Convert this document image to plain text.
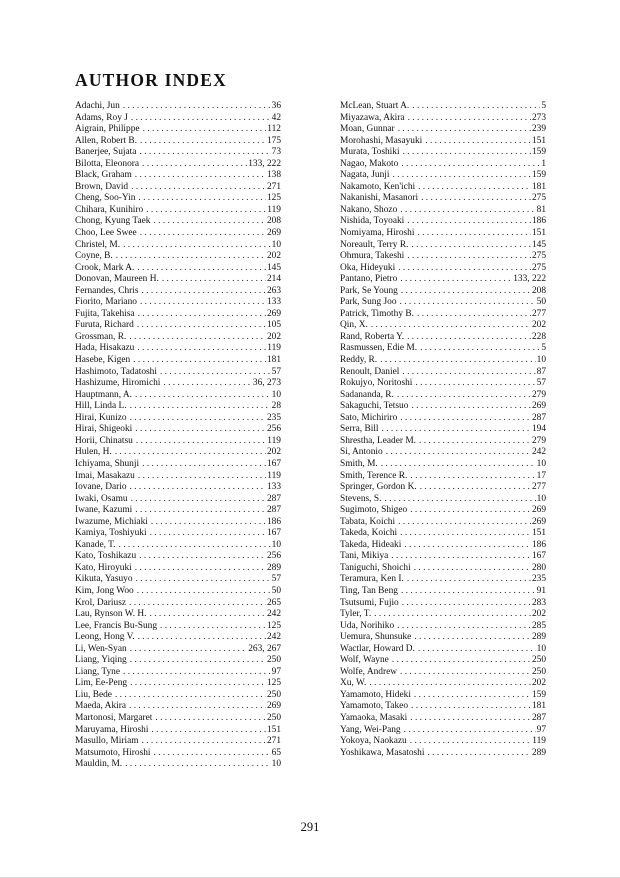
AUTHOR INDEX
Adachi, Jun . . .	36
Adams, Roy J . . .	42
Aigrain, Philippe . . .	112
Allen, Robert B. . . .	175
Banerjee, Sujata . . .	73
Bilotta, Eleonora . . .	133, 222
Black, Graham . . .	138
Brown, David . . .	271
Cheng, Soo-Yin . . .	125
Chihara, Kunihiro . . .	119
Chong, Kyung Taek . . .	208
Choo, Lee Swee . . .	269
Christel, M. . . .	10
Coyne, B. . . .	202
Crook, Mark A. . . .	145
Donovan, Maureen H. . . .	214
Fernandes, Chris . . .	263
Fiorito, Mariano . . .	133
Fujita, Takehisa . . .	269
Furuta, Richard . . .	105
Grossman, R. . . .	202
Hada, Hisakazu . . .	119
Hasebe, Kigen . . .	181
Hashimoto, Tadatoshi . . .	57
Hashizume, Hiromichi . . .	36, 273
Hauptmann, A. . . .	10
Hill, Linda L. . . .	28
Hirai, Kunizo . . .	235
Hirai, Shigeoki . . .	256
Horii, Chinatsu . . .	119
Hulen, H. . . .	202
Ichiyama, Shunji . . .	167
Imai, Masakazu . . .	119
Iovane, Dario . . .	133
Iwaki, Osamu . . .	287
Iwane, Kazumi . . .	287
Iwazume, Michiaki . . .	186
Kamiya, Toshiyuki . . .	167
Kanade, T. . . .	10
Kato, Toshikazu . . .	256
Kato, Hiroyuki . . .	289
Kikuta, Yasuyo . . .	57
Kim, Jong Woo . . .	50
Krol, Dariusz . . .	265
Lau, Rynson W. H. . . .	242
Lee, Francis Bu-Sung . . .	125
Leong, Hong V. . . .	242
Li, Wen-Syan . . .	263, 267
Liang, Yiqing . . .	250
Liang, Tyne . . .	97
Lim, Ee-Peng . . .	125
Liu, Bede . . .	250
Maeda, Akira . . .	269
Martonosi, Margaret . . .	250
Maruyama, Hiroshi . . .	151
Masullo, Miriam . . .	271
Matsumoto, Hiroshi . . .	65
Mauldin, M. . . .	10
McLean, Stuart A. . . .	5
Miyazawa, Akira . . .	273
Moan, Gunnar . . .	239
Morohashi, Masayuki . . .	151
Murata, Toshiki . . .	159
Nagao, Makoto . . .	1
Nagata, Junji . . .	159
Nakamoto, Ken'ichi . . .	181
Nakanishi, Masanori . . .	275
Nakano, Shozo . . .	81
Nishida, Toyoaki . . .	186
Nomiyama, Hiroshi . . .	151
Noreault, Terry R. . . .	145
Ohmura, Takeshi . . .	275
Oka, Hideyuki . . .	275
Pantano, Pietro . . .	133, 222
Park, Se Young . . .	208
Park, Sung Joo . . .	50
Patrick, Timothy B. . . .	277
Qin, X. . . .	202
Rand, Roberta Y. . . .	228
Rasmussen, Edie M. . . .	5
Reddy, R. . . .	10
Renoult, Daniel . . .	87
Rokujyo, Noritoshi . . .	57
Sadananda, R. . . .	279
Sakaguchi, Tetsuo . . .	269
Sato, Michiriro . . .	287
Serra, Bill . . .	194
Shrestha, Leader M. . . .	279
Si, Antonio . . .	242
Smith, M. . . .	10
Smith, Terence R. . . .	17
Springer, Gordon K. . . .	277
Stevens, S. . . .	10
Sugimoto, Shigeo . . .	269
Tabata, Koichi . . .	269
Takeda, Koichi . . .	151
Takeda, Hideaki . . .	186
Tani, Mikiya . . .	167
Taniguchi, Shoichi . . .	280
Teramura, Ken I. . . .	235
Ting, Tan Beng . . .	91
Tsutsumi, Fujio . . .	283
Tyler, T. . . .	202
Uda, Norihiko . . .	285
Uemura, Shunsuke . . .	289
Wactlar, Howard D. . . .	10
Wolf, Wayne . . .	250
Wolfe, Andrew . . .	250
Xu, W. . . .	202
Yamamoto, Hideki . . .	159
Yamamoto, Takeo . . .	181
Yamaoka, Masaki . . .	287
Yang, Wei-Pang . . .	97
Yokoya, Naokazu . . .	119
Yoshikawa, Masatoshi . . .	289
291
